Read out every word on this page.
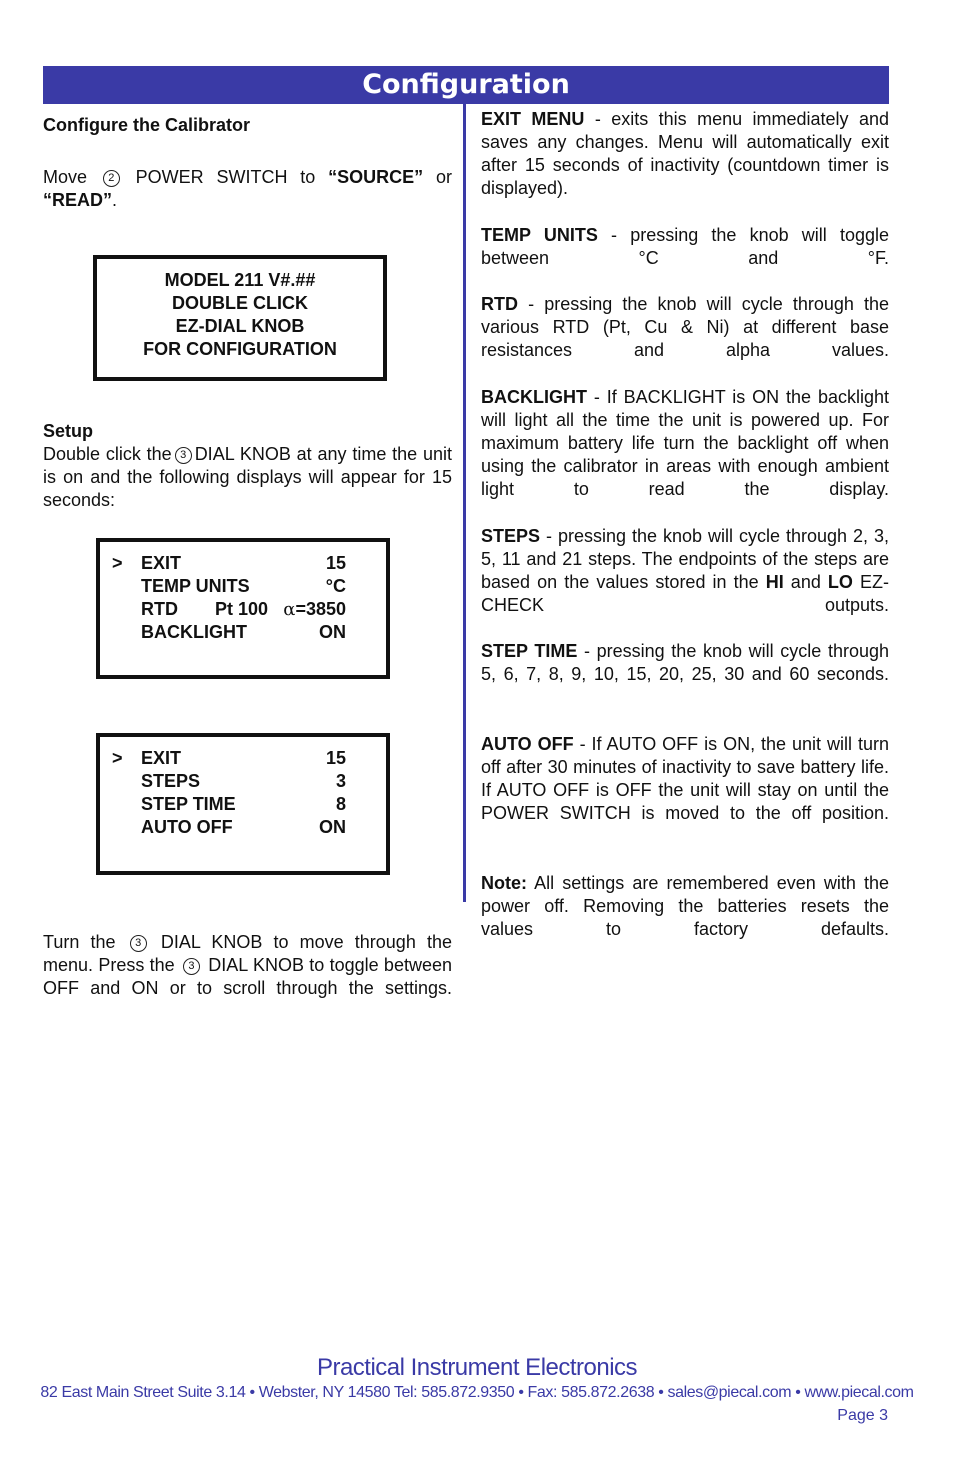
Configuration
Configure the Calibrator
Move 2 POWER SWITCH to “SOURCE” or “READ”.
MODEL 211 V#.##
DOUBLE CLICK
EZ-DIAL KNOB
FOR CONFIGURATION
Setup
Double click the 3 DIAL KNOB at any time the unit is on and the following displays will appear for 15 seconds:
> EXIT	15
TEMP UNITS	°C
RTD Pt 100 α=3850
BACKLIGHT	ON
> EXIT	15
STEPS	3
STEP TIME	8
AUTO OFF	ON
Turn the 3 DIAL KNOB to move through the menu. Press the 3 DIAL KNOB to toggle between OFF and ON or to scroll through the settings.
EXIT MENU - exits this menu immediately and saves any changes. Menu will automatically exit after 15 seconds of inactivity (countdown timer is displayed).
TEMP UNITS - pressing the knob will toggle between °C and °F.
RTD - pressing the knob will cycle through the various RTD (Pt, Cu & Ni) at different base resistances and alpha values.
BACKLIGHT - If BACKLIGHT is ON the backlight will light all the time the unit is powered up. For maximum battery life turn the backlight off when using the calibrator in areas with enough ambient light to read the display.
STEPS - pressing the knob will cycle through 2, 3, 5, 11 and 21 steps. The endpoints of the steps are based on the values stored in the HI and LO EZ-CHECK outputs.
STEP TIME - pressing the knob will cycle through 5, 6, 7, 8, 9, 10, 15, 20, 25, 30 and 60 seconds.
AUTO OFF - If AUTO OFF is ON, the unit will turn off after 30 minutes of inactivity to save battery life. If AUTO OFF is OFF the unit will stay on until the POWER SWITCH is moved to the off position.
Note: All settings are remembered even with the power off. Removing the batteries resets the values to factory defaults.
Practical Instrument Electronics
82 East Main Street Suite 3.14 • Webster, NY 14580 Tel: 585.872.9350 • Fax: 585.872.2638 • sales@piecal.com • www.piecal.com
Page 3
